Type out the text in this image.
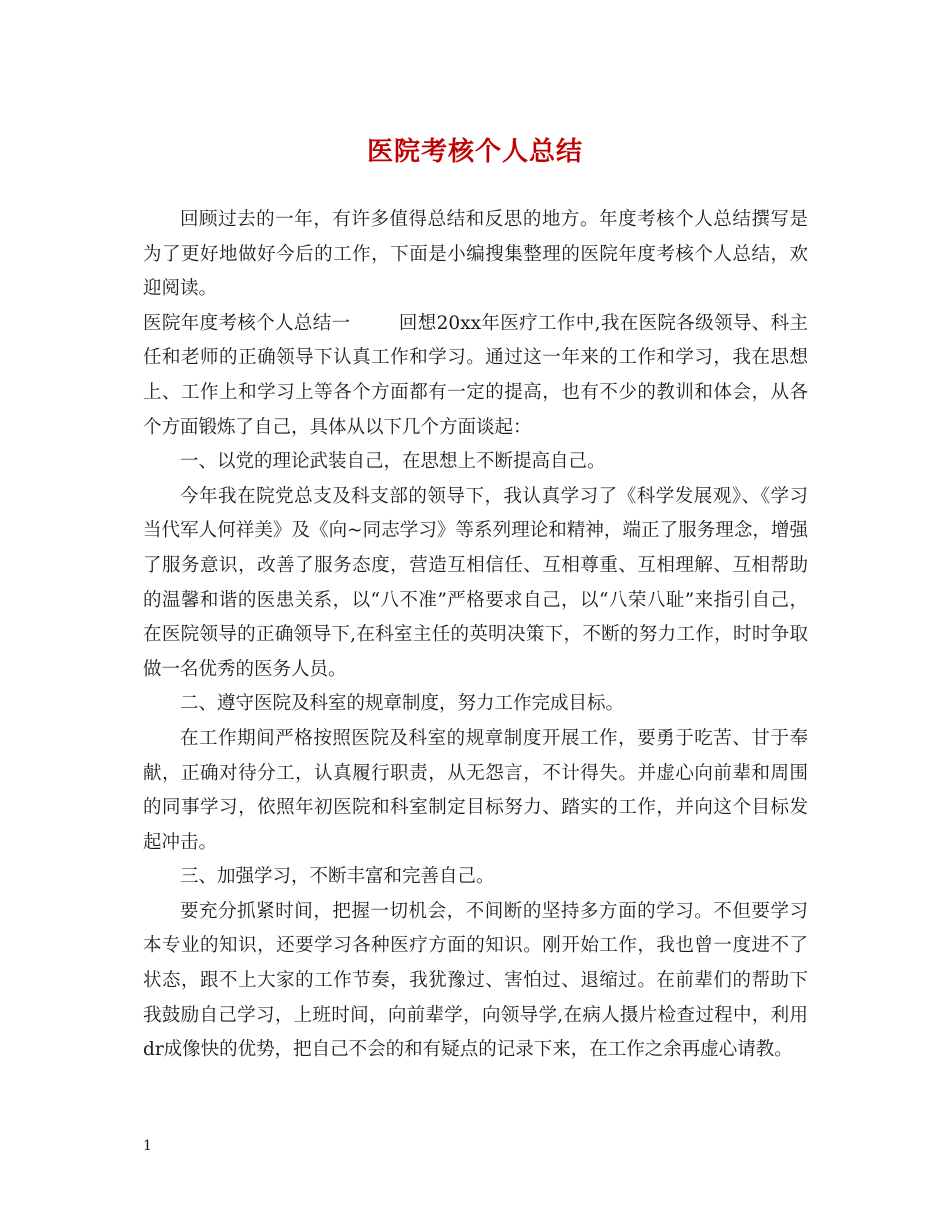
医院考核个人总结

回顾过去的一年，有许多值得总结和反思的地方。年度考核个人总结撰写是为了更好地做好今后的工作，下面是小编搜集整理的医院年度考核个人总结，欢迎阅读。

医院年度考核个人总结一	回想20xx年医疗工作中,我在医院各级领导、科主任和老师的正确领导下认真工作和学习。通过这一年来的工作和学习，我在思想上、工作上和学习上等各个方面都有一定的提高，也有不少的教训和体会，从各个方面锻炼了自己，具体从以下几个方面谈起：

一、以党的理论武装自己，在思想上不断提高自己。

今年我在院党总支及科支部的领导下，我认真学习了《科学发展观》、《学习当代军人何祥美》及《向~同志学习》等系列理论和精神，端正了服务理念，增强了服务意识，改善了服务态度，营造互相信任、互相尊重、互相理解、互相帮助的温馨和谐的医患关系，以“八不准”严格要求自己，以“八荣八耻”来指引自己，在医院领导的正确领导下,在科室主任的英明决策下，不断的努力工作，时时争取做一名优秀的医务人员。

二、遵守医院及科室的规章制度，努力工作完成目标。

在工作期间严格按照医院及科室的规章制度开展工作，要勇于吃苦、甘于奉献，正确对待分工，认真履行职责，从无怨言，不计得失。并虚心向前辈和周围的同事学习，依照年初医院和科室制定目标努力、踏实的工作，并向这个目标发起冲击。

三、加强学习，不断丰富和完善自己。

要充分抓紧时间，把握一切机会，不间断的坚持多方面的学习。不但要学习本专业的知识，还要学习各种医疗方面的知识。刚开始工作，我也曾一度进不了状态，跟不上大家的工作节奏，我犹豫过、害怕过、退缩过。在前辈们的帮助下我鼓励自己学习，上班时间，向前辈学，向领导学,在病人摄片检查过程中，利用dr成像快的优势，把自己不会的和有疑点的记录下来，在工作之余再虚心请教。

1
